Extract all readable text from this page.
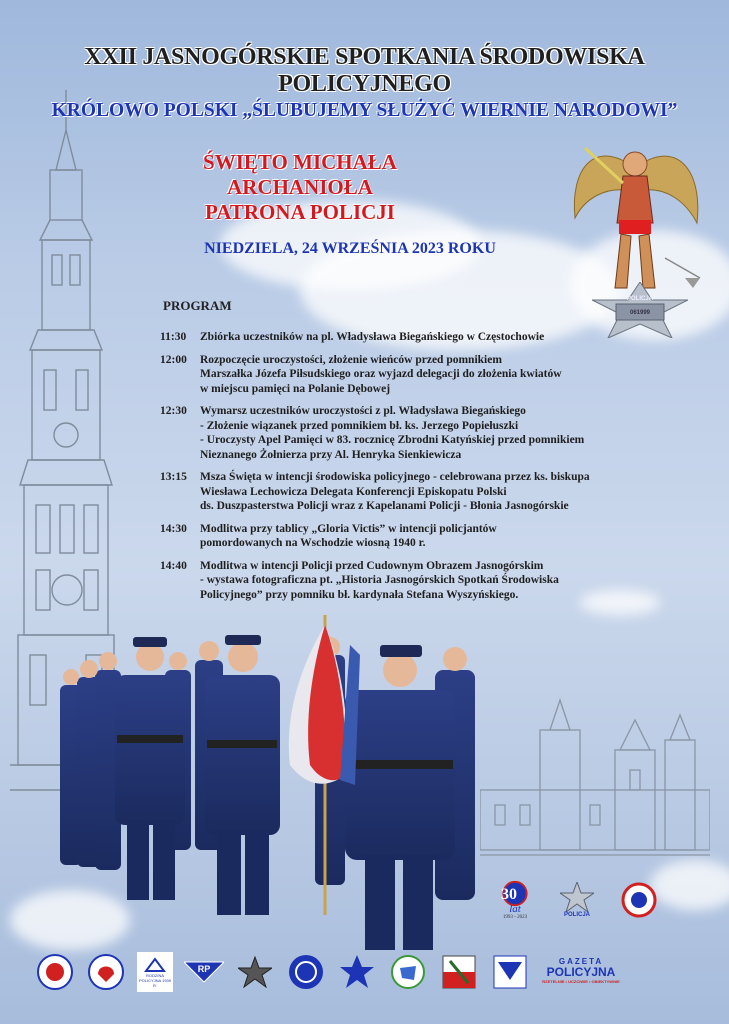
POLICJA
061999
XXII JASNOGÓRSKIE SPOTKANIA ŚRODOWISKA POLICYJNEGO
KRÓLOWO POLSKI „ŚLUBUJEMY SŁUŻYĆ WIERNIE NARODOWI”
ŚWIĘTO MICHAŁA ARCHANIOŁA
PATRONA POLICJI
NIEDZIELA, 24 WRZEŚNIA 2023 ROKU
PROGRAM
11:30	Zbiórka uczestników na pl. Władysława Biegańskiego w Częstochowie
12:00	Rozpoczęcie uroczystości, złożenie wieńców przed pomnikiem
Marszałka Józefa Piłsudskiego oraz wyjazd delegacji do złożenia kwiatów
w miejscu pamięci na Polanie Dębowej
12:30	Wymarsz uczestników uroczystości z pl. Władysława Biegańskiego
- Złożenie wiązanek przed pomnikiem bł. ks. Jerzego Popiełuszki
- Uroczysty Apel Pamięci w 83. rocznicę Zbrodni Katyńskiej przed pomnikiem
Nieznanego Żołnierza przy Al. Henryka Sienkiewicza
13:15	Msza Święta w intencji środowiska policyjnego - celebrowana przez ks. biskupa
Wiesława Lechowicza Delegata Konferencji Episkopatu Polski
ds. Duszpasterstwa Policji wraz z Kapelanami Policji - Błonia Jasnogórskie
14:30	Modlitwa przy tablicy „Gloria Victis” w intencji policjantów
pomordowanych na Wschodzie wiosną 1940 r.
14:40	Modlitwa w intencji Policji przed Cudownym Obrazem Jasnogórskim
- wystawa fotograficzna pt. „Historia Jasnogórskich Spotkań Środowiska
Policyjnego” przy pomniku bł. kardynała Stefana Wyszyńskiego.
30
lat
1993 - 2023	POLICJA
RODZINA POLICYJNA 1939 R.
RP
GAZETA
POLICYJNA
RZETELNIE • UCZCIWIE • OBIEKTYWNIE
